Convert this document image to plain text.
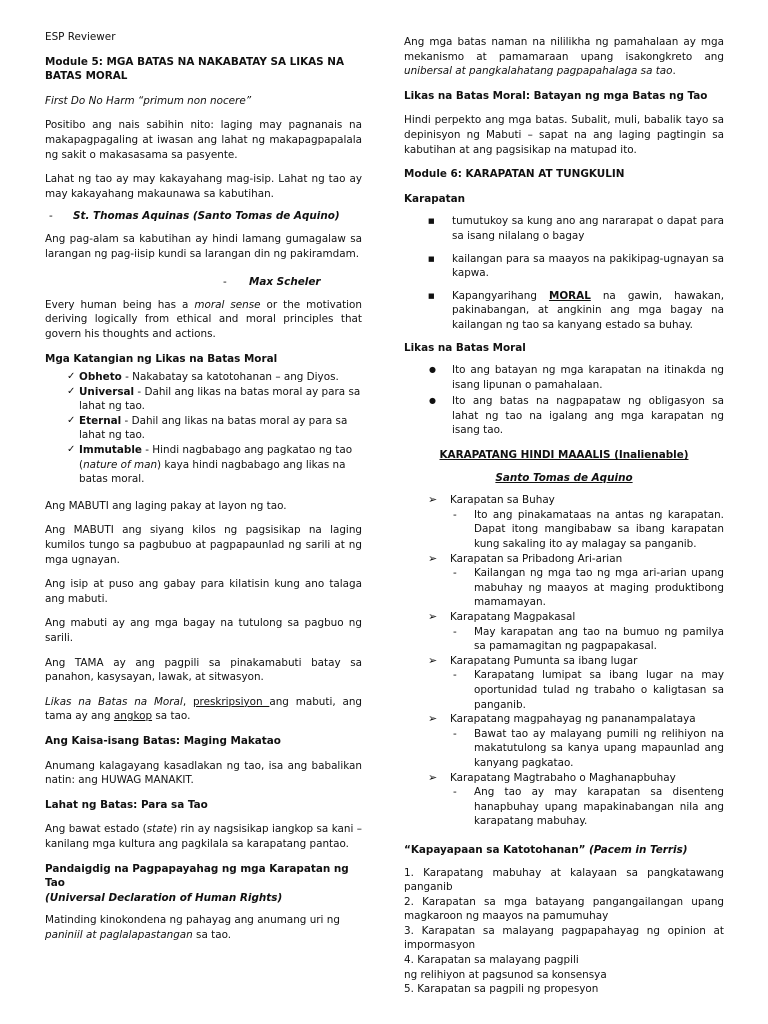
ESP Reviewer

Module 5: MGA BATAS NA NAKABATAY SA LIKAS NA BATAS MORAL

First Do No Harm “primum non nocere”

Positibo ang nais sabihin nito: laging may pagnanais na makapagpagaling at iwasan ang lahat ng makapagpapalala ng sakit o makasasama sa pasyente.

Lahat ng tao ay may kakayahang mag-isip. Lahat ng tao ay may kakayahang makaunawa sa kabutihan.

- St. Thomas Aquinas (Santo Tomas de Aquino)

Ang pag-alam sa kabutihan ay hindi lamang gumagalaw sa larangan ng pag-iisip kundi sa larangan din ng pakiramdam.

- Max Scheler

Every human being has a moral sense or the motivation deriving logically from ethical and moral principles that govern his thoughts and actions.

Mga Katangian ng Likas na Batas Moral

✓ Obheto - Nakabatay sa katotohanan – ang Diyos.
✓ Universal - Dahil ang likas na batas moral ay para sa lahat ng tao.
✓ Eternal - Dahil ang likas na batas moral ay para sa lahat ng tao.
✓ Immutable - Hindi nagbabago ang pagkatao ng tao (nature of man) kaya hindi nagbabago ang likas na batas moral.

Ang MABUTI ang laging pakay at layon ng tao.

Ang MABUTI ang siyang kilos ng pagsisikap na laging kumilos tungo sa pagbubuo at pagpapaunlad ng sarili at ng mga ugnayan.

Ang isip at puso ang gabay para kilatisin kung ano talaga ang mabuti.

Ang mabuti ay ang mga bagay na tutulong sa pagbuo ng sarili.

Ang TAMA ay ang pagpili sa pinakamabuti batay sa panahon, kasysayan, lawak, at sitwasyon.

Likas na Batas na Moral, preskripsiyon ang mabuti, ang tama ay ang angkop sa tao.

Ang Kaisa-isang Batas: Maging Makatao

Anumang kalagayang kasadlakan ng tao, isa ang babalikan natin: ang HUWAG MANAKIT.

Lahat ng Batas: Para sa Tao

Ang bawat estado (state) rin ay nagsisikap iangkop sa kani – kanilang mga kultura ang pagkilala sa karapatang pantao.

Pandaigdig na Pagpapayahag ng mga Karapatan ng Tao
(Universal Declaration of Human Rights)

Matinding kinokondena ng pahayag ang anumang uri ng paniniil at paglalapastangan sa tao.

Ang mga batas naman na nililikha ng pamahalaan ay mga mekanismo at pamamaraan upang isakongkreto ang unibersal at pangkalahatang pagpapahalaga sa tao.

Likas na Batas Moral: Batayan ng mga Batas ng Tao

Hindi perpekto ang mga batas. Subalit, muli, babalik tayo sa depinisyon ng Mabuti – sapat na ang laging pagtingin sa kabutihan at ang pagsisikap na matupad ito.

Module 6: KARAPATAN AT TUNGKULIN

Karapatan

■ tumutukoy sa kung ano ang nararapat o dapat para sa isang nilalang o bagay
■ kailangan para sa maayos na pakikipag-ugnayan sa kapwa.
■ Kapangyarihang MORAL na gawin, hawakan, pakinabangan, at angkinin ang mga bagay na kailangan ng tao sa kanyang estado sa buhay.

Likas na Batas Moral

● Ito ang batayan ng mga karapatan na itinakda ng isang lipunan o pamahalaan.
● Ito ang batas na nagpapataw ng obligasyon sa lahat ng tao na igalang ang mga karapatan ng isang tao.

KARAPATANG HINDI MAAALIS (Inalienable)

Santo Tomas de Aquino

➢ Karapatan sa Buhay
- Ito ang pinakamataas na antas ng karapatan. Dapat itong mangibabaw sa ibang karapatan kung sakaling ito ay malagay sa panganib.
➢ Karapatan sa Pribadong Ari-arian
- Kailangan ng mga tao ng mga ari-arian upang mabuhay ng maayos at maging produktibong mamamayan.
➢ Karapatang Magpakasal
- May karapatan ang tao na bumuo ng pamilya sa pamamagitan ng pagpapakasal.
➢ Karapatang Pumunta sa ibang lugar
- Karapatang lumipat sa ibang lugar na may oportunidad tulad ng trabaho o kaligtasan sa panganib.
➢ Karapatang magpahayag ng pananampalataya
- Bawat tao ay malayang pumili ng relihiyon na makatutulong sa kanya upang mapaunlad ang kanyang pagkatao.
➢ Karapatang Magtrabaho o Maghanapbuhay
- Ang tao ay may karapatan sa disenteng hanapbuhay upang mapakinabangan nila ang karapatang mabuhay.

“Kapayapaan sa Katotohanan” (Pacem in Terris)

1. Karapatang mabuhay at kalayaan sa pangkatawang panganib
2. Karapatan sa mga batayang pangangailangan upang magkaroon ng maayos na pamumuhay
3. Karapatan sa malayang pagpapahayag ng opinion at impormasyon
4. Karapatan sa malayang pagpili
ng relihiyon at pagsunod sa konsensya
5. Karapatan sa pagpili ng propesyon
